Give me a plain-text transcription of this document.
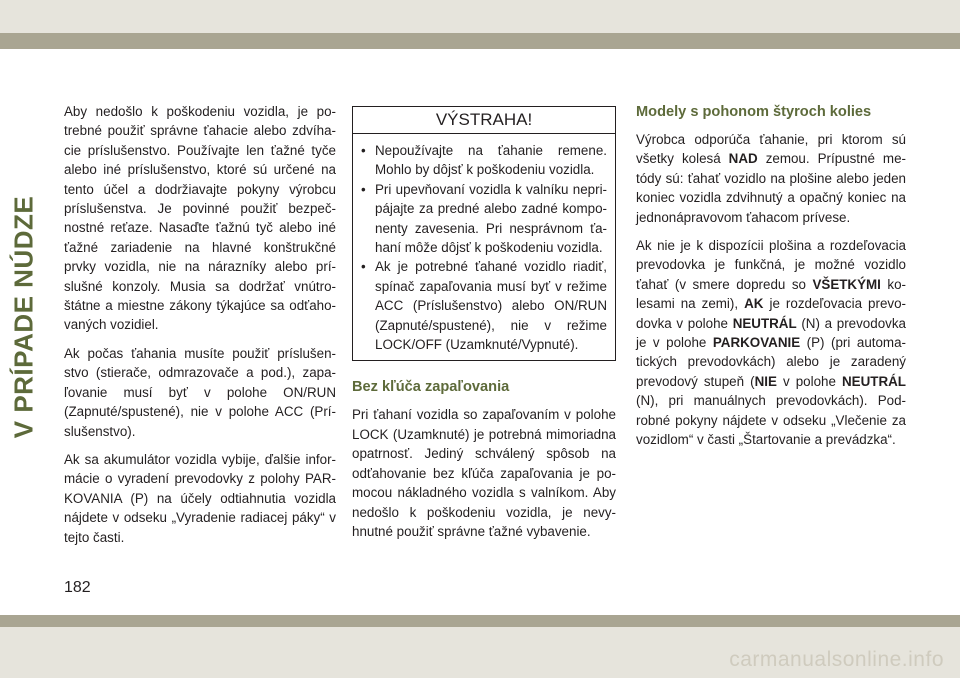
V PRÍPADE NÚDZE

Aby nedošlo k poškodeniu vozidla, je po-trebné použiť správne ťahacie alebo zdvíha-cie príslušenstvo. Používajte len ťažné tyče alebo iné príslušenstvo, ktoré sú určené na tento účel a dodržiavajte pokyny výrobcu príslušenstva. Je povinné použiť bezpeč-nostné reťaze. Nasaďte ťažnú tyč alebo iné ťažné zariadenie na hlavné konštrukčné prvky vozidla, nie na nárazníky alebo prí-slušné konzoly. Musia sa dodržať vnútro-štátne a miestne zákony týkajúce sa odťaho-vaných vozidiel.

Ak počas ťahania musíte použiť príslušen-stvo (stierače, odmrazovače a pod.), zapa-ľovanie musí byť v polohe ON/RUN (Zapnuté/spustené), nie v polohe ACC (Prí-slušenstvo).

Ak sa akumulátor vozidla vybije, ďalšie infor-mácie o vyradení prevodovky z polohy PAR-KOVANIA (P) na účely odtiahnutia vozidla nájdete v odseku „Vyradenie radiacej páky“ v tejto časti.

VÝSTRAHA!
• Nepoužívajte na ťahanie remene. Mohlo by dôjsť k poškodeniu vozidla.
• Pri upevňovaní vozidla k valníku nepri-pájajte za predné alebo zadné kompo-nenty zavesenia. Pri nesprávnom ťa-haní môže dôjsť k poškodeniu vozidla.
• Ak je potrebné ťahané vozidlo riadiť, spínač zapaľovania musí byť v režime ACC (Príslušenstvo) alebo ON/RUN (Zapnuté/spustené), nie v režime LOCK/OFF (Uzamknuté/Vypnuté).
Bez kľúča zapaľovania

Pri ťahaní vozidla so zapaľovaním v polohe LOCK (Uzamknuté) je potrebná mimoriadna opatrnosť. Jediný schválený spôsob na odťahovanie bez kľúča zapaľovania je po-mocou nákladného vozidla s valníkom. Aby nedošlo k poškodeniu vozidla, je nevy-hnutné použiť správne ťažné vybavenie.

Modely s pohonom štyroch kolies

Výrobca odporúča ťahanie, pri ktorom sú všetky kolesá NAD zemou. Prípustné me-tódy sú: ťahať vozidlo na plošine alebo jeden koniec vozidla zdvihnutý a opačný koniec na jednonápravovom ťahacom prívese.

Ak nie je k dispozícii plošina a rozdeľovacia prevodovka je funkčná, je možné vozidlo ťahať (v smere dopredu so VŠETKÝMI ko-lesami na zemi), AK je rozdeľovacia prevo-dovka v polohe NEUTRÁL (N) a prevodovka je v polohe PARKOVANIE (P) (pri automa-tických prevodovkách) alebo je zaradený prevodový stupeň (NIE v polohe NEUTRÁL (N), pri manuálnych prevodovkách). Pod-robné pokyny nájdete v odseku „Vlečenie za vozidlom“ v časti „Štartovanie a prevádzka“.

182
carmanualsonline.info
